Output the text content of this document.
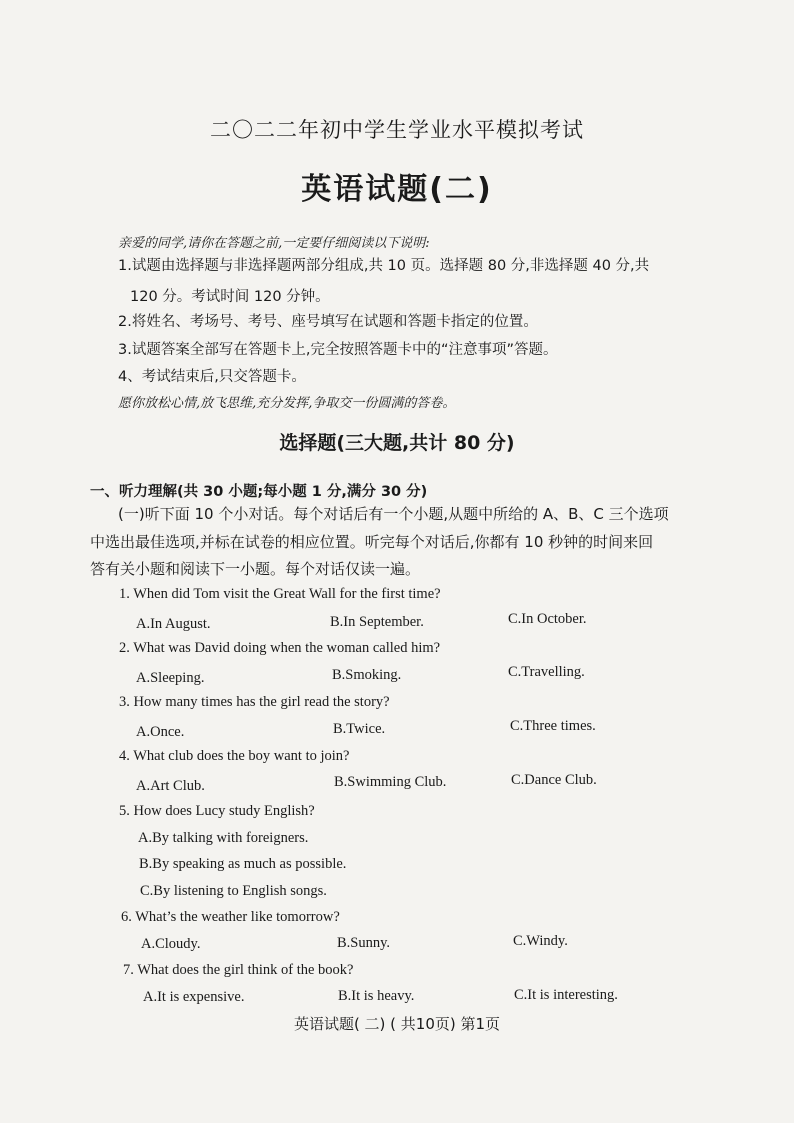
二〇二二年初中学生学业水平模拟考试
英语试题(二)
亲爱的同学,请你在答题之前,一定要仔细阅读以下说明:
1.试题由选择题与非选择题两部分组成,共 10 页。选择题 80 分,非选择题 40 分,共
120 分。考试时间 120 分钟。
2.将姓名、考场号、考号、座号填写在试题和答题卡指定的位置。
3.试题答案全部写在答题卡上,完全按照答题卡中的“注意事项”答题。
4、考试结束后,只交答题卡。
愿你放松心情,放飞思维,充分发挥,争取交一份圆满的答卷。
选择题(三大题,共计 80 分)
一、听力理解(共 30 小题;每小题 1 分,满分 30 分)
(一)听下面 10 个小对话。每个对话后有一个小题,从题中所给的 A、B、C 三个选项
中选出最佳选项,并标在试卷的相应位置。听完每个对话后,你都有 10 秒钟的时间来回
答有关小题和阅读下一小题。每个对话仅读一遍。
1. When did Tom visit the Great Wall for the first time?
A.In August.	B.In September.	C.In October.
2. What was David doing when the woman called him?
A.Sleeping.	B.Smoking.	C.Travelling.
3. How many times has the girl read the story?
A.Once.	B.Twice.	C.Three times.
4. What club does the boy want to join?
A.Art Club.	B.Swimming Club.	C.Dance Club.
5. How does Lucy study English?
A.By talking with foreigners.
B.By speaking as much as possible.
C.By listening to English songs.
6. What’s the weather like tomorrow?
A.Cloudy.	B.Sunny.	C.Windy.
7. What does the girl think of the book?
A.It is expensive.	B.It is heavy.	C.It is interesting.
英语试题( 二) ( 共10页) 第1页
